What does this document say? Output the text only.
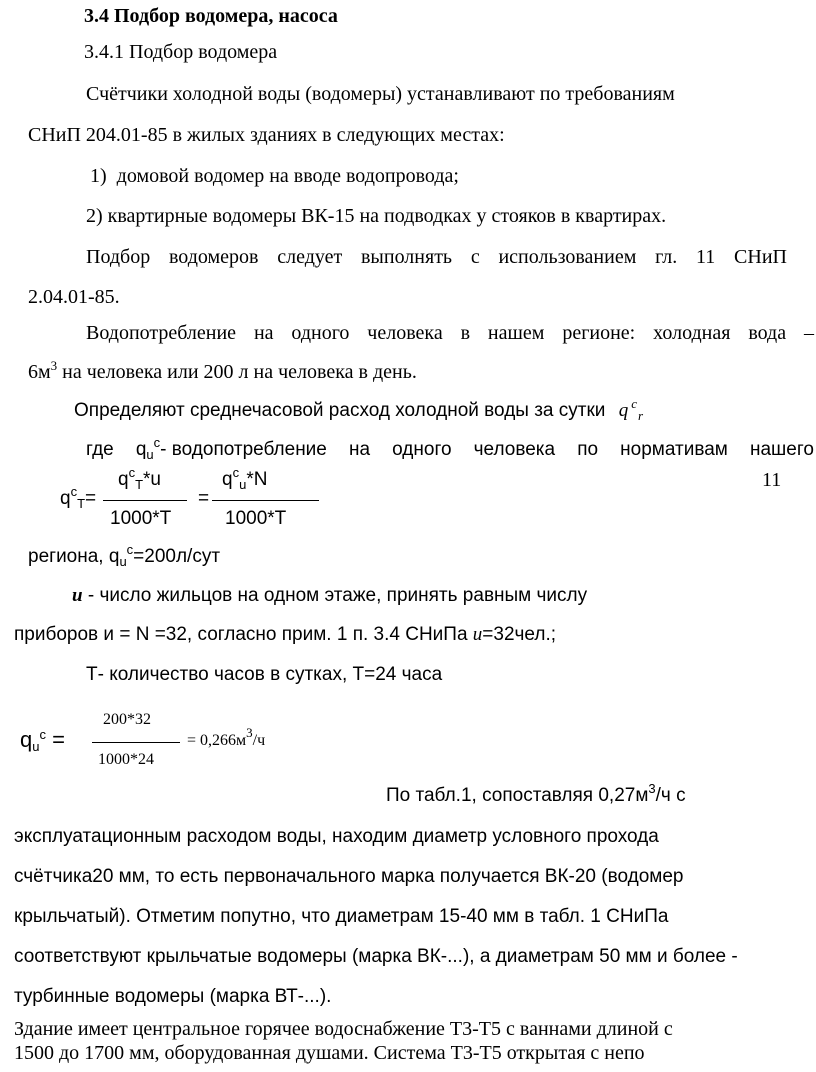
3.4 Подбор водомера, насоса
3.4.1 Подбор водомера
Счётчики холодной воды (водомеры) устанавливают по требованиям
СНиП 204.01-85 в жилых зданиях в следующих местах:
1) домовой водомер на вводе водопровода;
2) квартирные водомеры ВК-15 на подводках у стояков в квартирах.
Подбор водомеров следует выполнять с использованием гл. 11 СНиП
2.04.01-85.
Водопотребление на одного человека в нашем регионе: холодная вода –
$6м^3$ на человека или 200 л на человека в день.
Определяют среднечасовой расход холодной воды за сутки q $^c_r$
где $q_u^c-$ водопотребление на одного человека по нормативам нашего
$q^c_T*u$	$q^c_u*N$	11
$q^c_T=$	=
1000*T	1000*T
региона, $q_u^c=200л$/сут
u - число жильцов на одном этаже, принять равным числу
приборов и = N =32, согласно прим. 1 п. 3.4 СНиПа u=32чел.;
Т- количество часов в сутках, Т=24 часа
200*32
$q_u^c$ =	= $0,266м^3/ч$
1000*24
По табл.1, сопоставляя $0,27м^3/ч$ с
эксплуатационным расходом воды, находим диаметр условного прохода
счётчика20 мм, то есть первоначального марка получается ВК-20 (водомер
крыльчатый). Отметим попутно, что диаметрам 15-40 мм в табл. 1 СНиПа
соответствуют крыльчатые водомеры (марка ВК-...), а диаметрам 50 мм и более -
турбинные водомеры (марка ВТ-...).
Здание имеет центральное горячее водоснабжение Т3-Т5 с ваннами длиной с
1500 до 1700 мм, оборудованная душами. Система Т3-Т5 открытая с непо
